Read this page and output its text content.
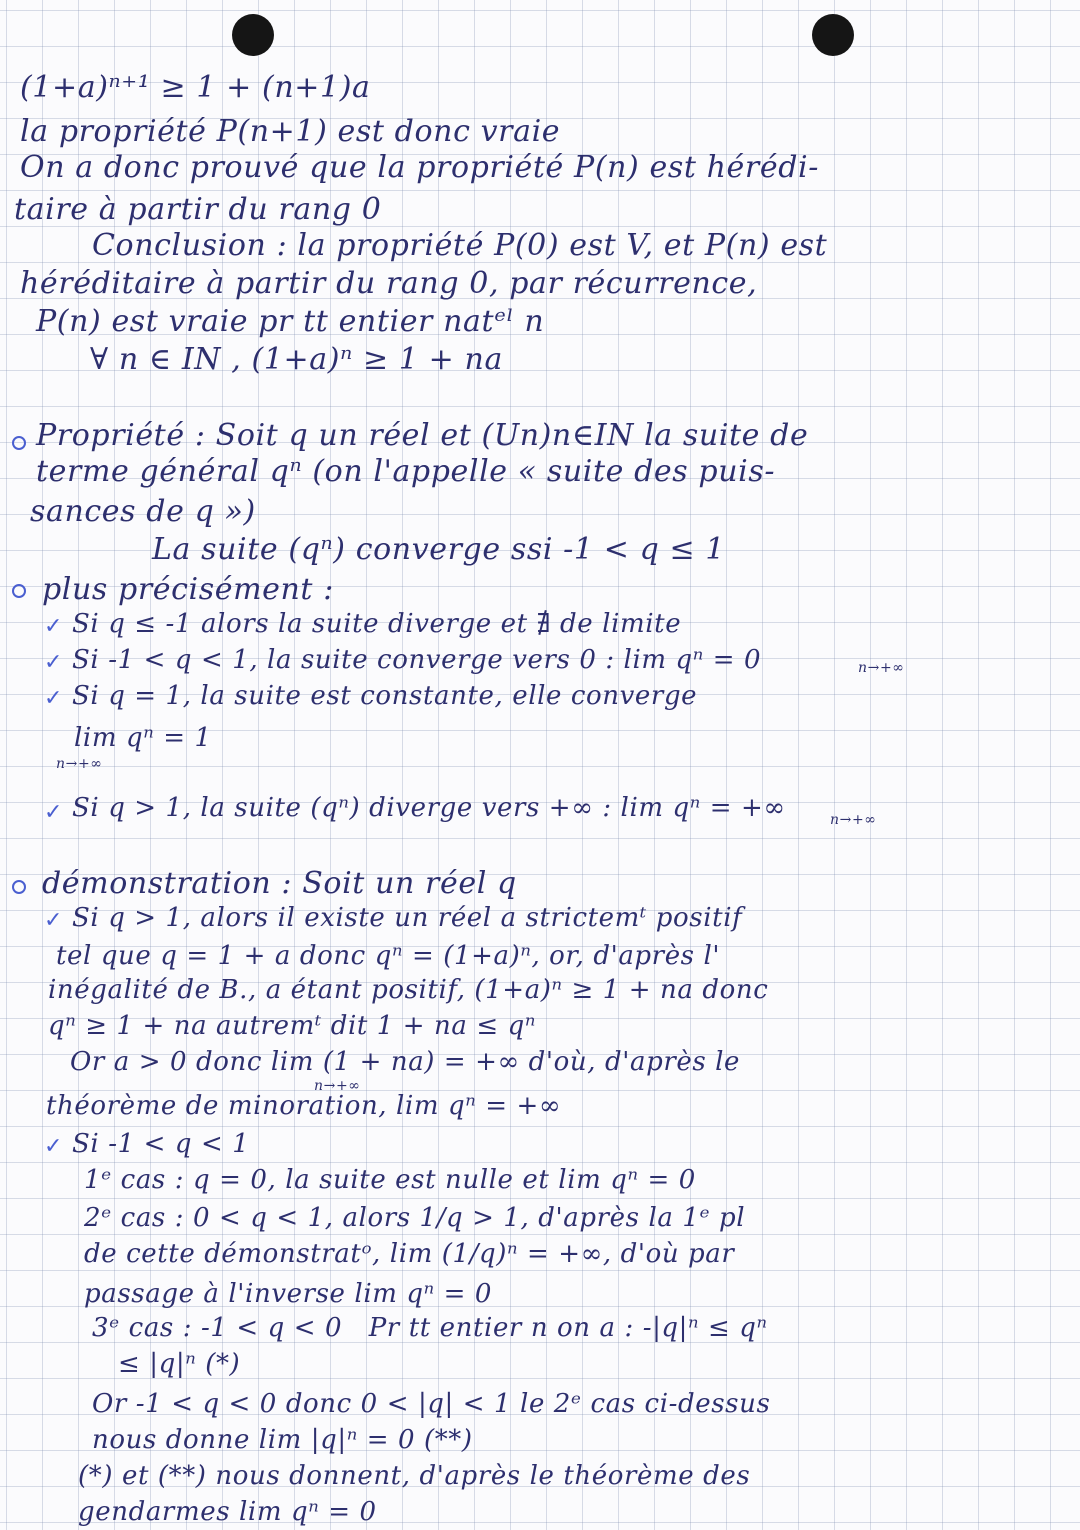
✓
✓
✓
✓
✓
✓
(1+a)ⁿ⁺¹ ≥ 1 + (n+1)a
la propriété P(n+1) est donc vraie
On a donc prouvé que la propriété P(n) est hérédi-
taire à partir du rang 0
Conclusion : la propriété P(0) est V, et P(n) est
héréditaire à partir du rang 0, par récurrence,
P(n) est vraie pr tt entier natᵉˡ n
∀ n ∈ IN , (1+a)ⁿ ≥ 1 + na
Propriété : Soit q un réel et (Un)n∈IN la suite de
terme général qⁿ (on l'appelle « suite des puis-
sances de q »)
La suite (qⁿ) converge ssi -1 < q ≤ 1
plus précisément :
Si q ≤ -1 alors la suite diverge et ∄ de limite
Si -1 < q < 1, la suite converge vers 0 : lim qⁿ = 0
Si q = 1, la suite est constante, elle converge
lim qⁿ = 1
Si q > 1, la suite (qⁿ) diverge vers +∞ : lim qⁿ = +∞
démonstration : Soit un réel q
Si q > 1, alors il existe un réel a strictemᵗ positif
tel que q = 1 + a donc qⁿ = (1+a)ⁿ, or, d'après l'
inégalité de B., a étant positif, (1+a)ⁿ ≥ 1 + na donc
qⁿ ≥ 1 + na autremᵗ dit 1 + na ≤ qⁿ
Or a > 0 donc lim (1 + na) = +∞ d'où, d'après le
théorème de minoration, lim qⁿ = +∞
Si -1 < q < 1
1ᵉ cas : q = 0, la suite est nulle et lim qⁿ = 0
2ᵉ cas : 0 < q < 1, alors 1/q > 1, d'après la 1ᵉ pl
de cette démonstratᵒ, lim (1/q)ⁿ = +∞, d'où par
passage à l'inverse lim qⁿ = 0
3ᵉ cas : -1 < q < 0   Pr tt entier n on a : -|q|ⁿ ≤ qⁿ
≤ |q|ⁿ (*)
Or -1 < q < 0 donc 0 < |q| < 1 le 2ᵉ cas ci-dessus
nous donne lim |q|ⁿ = 0 (**)
(*) et (**) nous donnent, d'après le théorème des
gendarmes lim qⁿ = 0
n→+∞
n→+∞
n→+∞
n→+∞
